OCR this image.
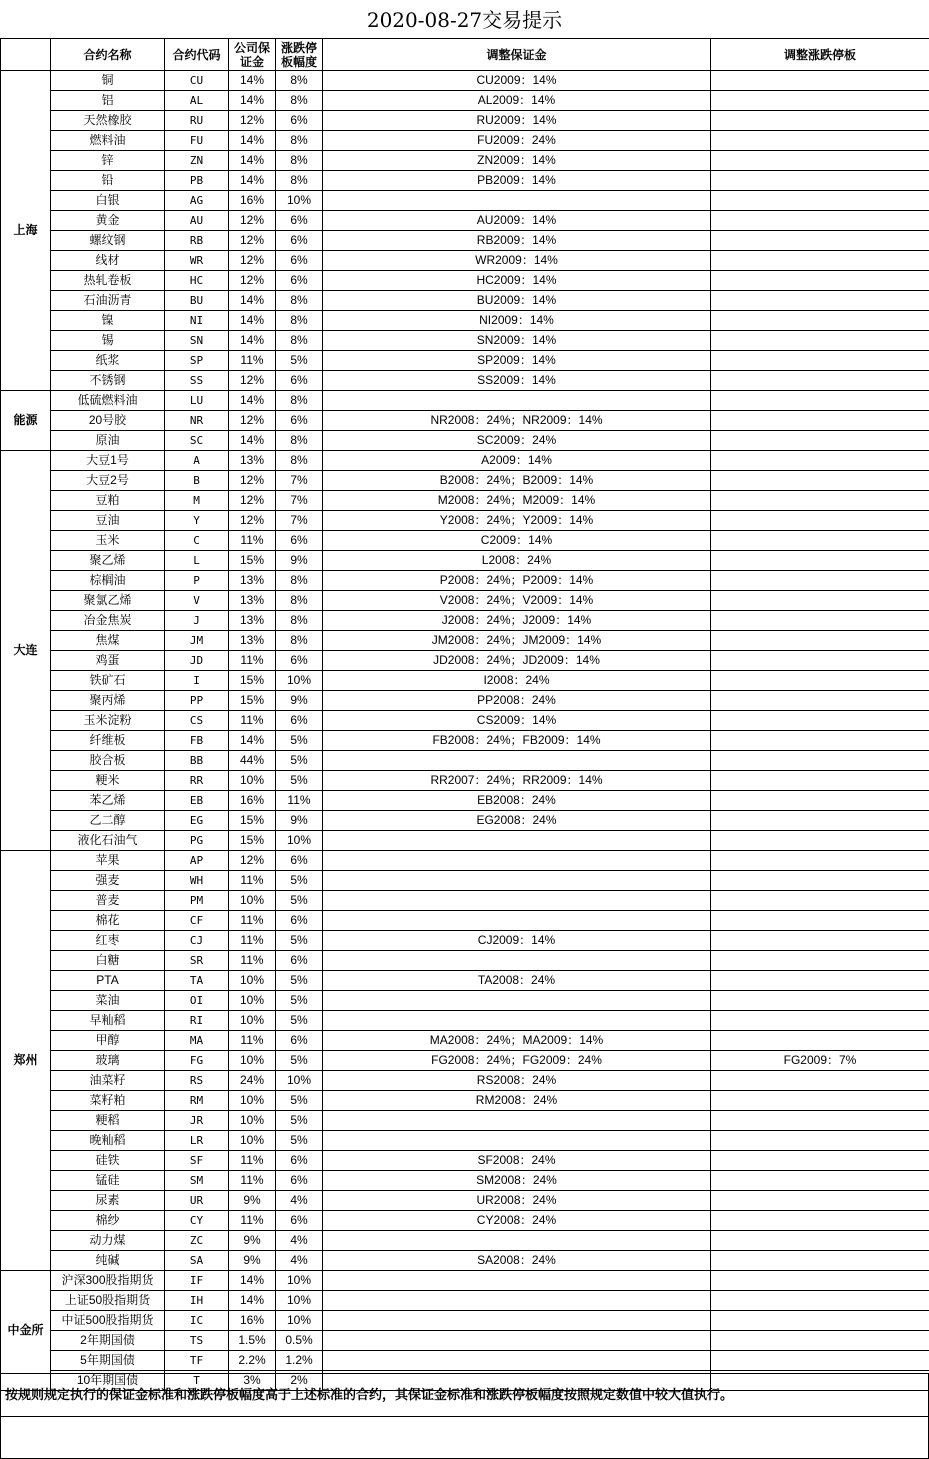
2020-08-27交易提示
	合约名称	合约代码	公司保证金	涨跌停板幅度	调整保证金	调整涨跌停板
上海	铜	CU	14%	8%	CU2009：14%	
	铝	AL	14%	8%	AL2009：14%	
	天然橡胶	RU	12%	6%	RU2009：14%	
	燃料油	FU	14%	8%	FU2009：24%	
	锌	ZN	14%	8%	ZN2009：14%	
	铅	PB	14%	8%	PB2009：14%	
	白银	AG	16%	10%		
	黄金	AU	12%	6%	AU2009：14%	
	螺纹钢	RB	12%	6%	RB2009：14%	
	线材	WR	12%	6%	WR2009：14%	
	热轧卷板	HC	12%	6%	HC2009：14%	
	石油沥青	BU	14%	8%	BU2009：14%	
	镍	NI	14%	8%	NI2009：14%	
	锡	SN	14%	8%	SN2009：14%	
	纸浆	SP	11%	5%	SP2009：14%	
	不锈钢	SS	12%	6%	SS2009：14%	
能源	低硫燃料油	LU	14%	8%		
	20号胶	NR	12%	6%	NR2008：24%；NR2009：14%	
	原油	SC	14%	8%	SC2009：24%	
大连	大豆1号	A	13%	8%	A2009：14%	
	大豆2号	B	12%	7%	B2008：24%；B2009：14%	
	豆粕	M	12%	7%	M2008：24%；M2009：14%	
	豆油	Y	12%	7%	Y2008：24%；Y2009：14%	
	玉米	C	11%	6%	C2009：14%	
	聚乙烯	L	15%	9%	L2008：24%	
	棕榈油	P	13%	8%	P2008：24%；P2009：14%	
	聚氯乙烯	V	13%	8%	V2008：24%；V2009：14%	
	冶金焦炭	J	13%	8%	J2008：24%；J2009：14%	
	焦煤	JM	13%	8%	JM2008：24%；JM2009：14%	
	鸡蛋	JD	11%	6%	JD2008：24%；JD2009：14%	
	铁矿石	I	15%	10%	I2008：24%	
	聚丙烯	PP	15%	9%	PP2008：24%	
	玉米淀粉	CS	11%	6%	CS2009：14%	
	纤维板	FB	14%	5%	FB2008：24%；FB2009：14%	
	胶合板	BB	44%	5%		
	粳米	RR	10%	5%	RR2007：24%；RR2009：14%	
	苯乙烯	EB	16%	11%	EB2008：24%	
	乙二醇	EG	15%	9%	EG2008：24%	
	液化石油气	PG	15%	10%		
郑州	苹果	AP	12%	6%		
	强麦	WH	11%	5%		
	普麦	PM	10%	5%		
	棉花	CF	11%	6%		
	红枣	CJ	11%	5%	CJ2009：14%	
	白糖	SR	11%	6%		
	PTA	TA	10%	5%	TA2008：24%	
	菜油	OI	10%	5%		
	早籼稻	RI	10%	5%		
	甲醇	MA	11%	6%	MA2008：24%；MA2009：14%	
	玻璃	FG	10%	5%	FG2008：24%；FG2009：24%	FG2009：7%
	油菜籽	RS	24%	10%	RS2008：24%	
	菜籽粕	RM	10%	5%	RM2008：24%	
	粳稻	JR	10%	5%		
	晚籼稻	LR	10%	5%		
	硅铁	SF	11%	6%	SF2008：24%	
	锰硅	SM	11%	6%	SM2008：24%	
	尿素	UR	9%	4%	UR2008：24%	
	棉纱	CY	11%	6%	CY2008：24%	
	动力煤	ZC	9%	4%		
	纯碱	SA	9%	4%	SA2008：24%	
中金所	沪深300股指期货	IF	14%	10%		
	上证50股指期货	IH	14%	10%		
	中证500股指期货	IC	16%	10%		
	2年期国债	TS	1.5%	0.5%		
	5年期国债	TF	2.2%	1.2%		
	10年期国债	T	3%	2%		
按规则规定执行的保证金标准和涨跌停板幅度高于上述标准的合约，其保证金标准和涨跌停板幅度按照规定数值中较大值执行。
